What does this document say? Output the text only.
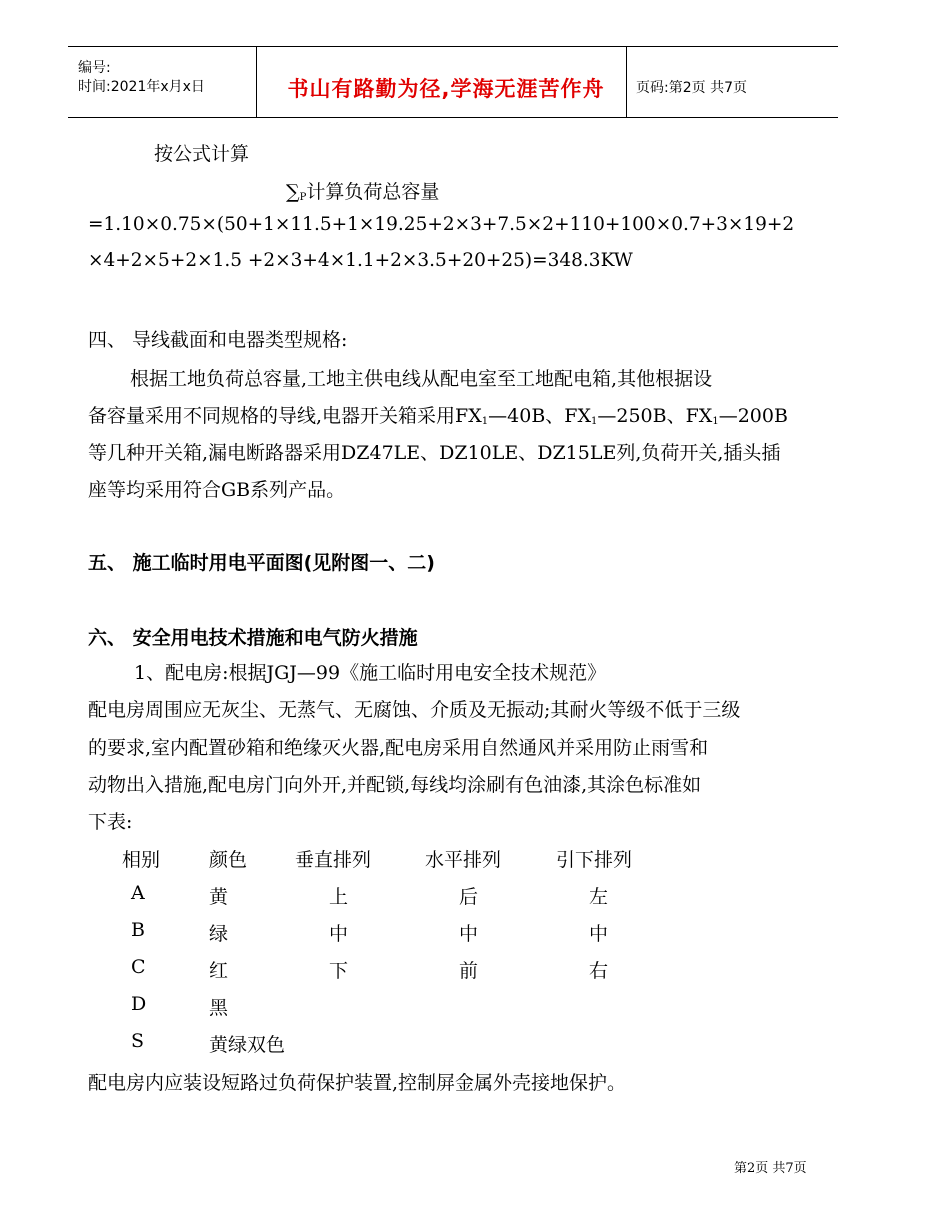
编号:
时间:2021年x月x日	书山有路勤为径,学海无涯苦作舟	页码:第2页 共7页
按公式计算
$\sum_P$计算负荷总容量
=1.10×0.75×(50+1×11.5+1×19.25+2×3+7.5×2+110+100×0.7+3×19+2
×4+2×5+2×1.5 +2×3+4×1.1+2×3.5+20+25)=348.3KW
四、 导线截面和电器类型规格:
根据工地负荷总容量,工地主供电线从配电室至工地配电箱,其他根据设
备容量采用不同规格的导线,电器开关箱采用$FX_1—40B$、$FX_1—250B$、$FX_1—200B$
等几种开关箱,漏电断路器采用DZ47LE、DZ10LE、DZ15LE列,负荷开关,插头插
座等均采用符合GB系列产品。
五、 施工临时用电平面图(见附图一、二)
六、 安全用电技术措施和电气防火措施
1、配电房:根据JGJ—99《施工临时用电安全技术规范》
配电房周围应无灰尘、无蒸气、无腐蚀、介质及无振动;其耐火等级不低于三级
的要求,室内配置砂箱和绝缘灭火器,配电房采用自然通风并采用防止雨雪和
动物出入措施,配电房门向外开,并配锁,每线均涂刷有色油漆,其涂色标准如
下表:
相别	颜色	垂直排列	水平排列	引下排列
A	黄	上	后	左
B	绿	中	中	中
C	红	下	前	右
D	黑
S	黄绿双色
配电房内应装设短路过负荷保护装置,控制屏金属外壳接地保护。
第2页 共7页
